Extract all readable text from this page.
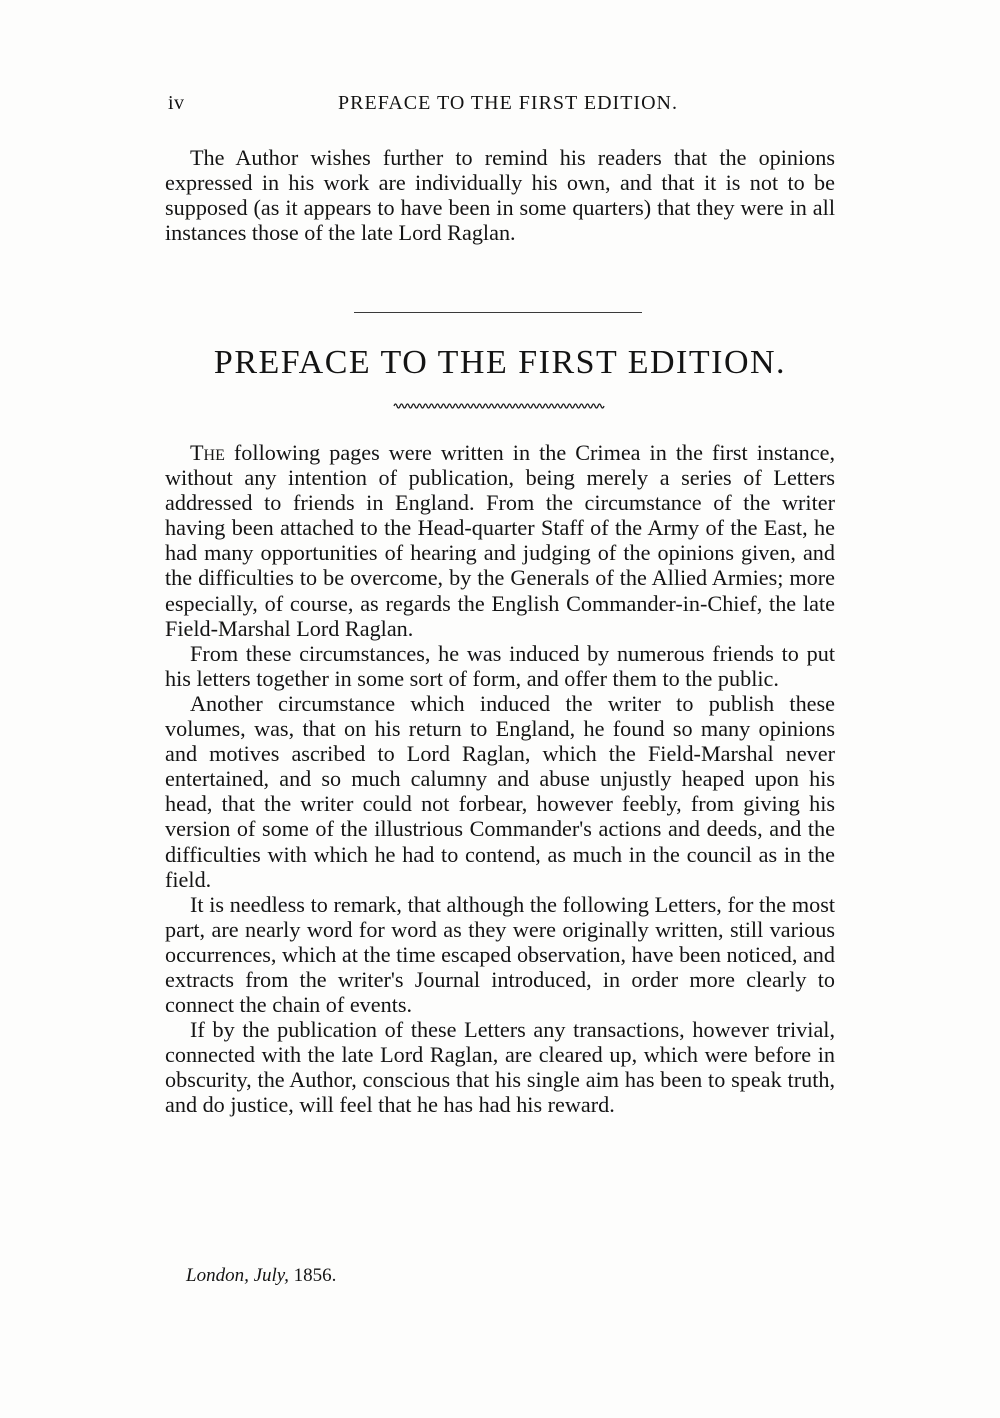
iv	PREFACE TO THE FIRST EDITION.

The Author wishes further to remind his readers that the opinions expressed in his work are individually his own, and that it is not to be supposed (as it appears to have been in some quarters) that they were in all instances those of the late Lord Raglan.

PREFACE TO THE FIRST EDITION.

The following pages were written in the Crimea in the first instance, without any intention of publication, being merely a series of Letters addressed to friends in England. From the circumstance of the writer having been attached to the Head-quarter Staff of the Army of the East, he had many opportunities of hearing and judging of the opinions given, and the difficulties to be overcome, by the Generals of the Allied Armies; more especially, of course, as regards the English Commander-in-Chief, the late Field-Marshal Lord Raglan.

From these circumstances, he was induced by numerous friends to put his letters together in some sort of form, and offer them to the public.

Another circumstance which induced the writer to publish these volumes, was, that on his return to England, he found so many opinions and motives ascribed to Lord Raglan, which the Field-Marshal never entertained, and so much calumny and abuse unjustly heaped upon his head, that the writer could not forbear, however feebly, from giving his version of some of the illustrious Commander's actions and deeds, and the difficulties with which he had to contend, as much in the council as in the field.

It is needless to remark, that although the following Letters, for the most part, are nearly word for word as they were originally written, still various occurrences, which at the time escaped observation, have been noticed, and extracts from the writer's Journal introduced, in order more clearly to connect the chain of events.

If by the publication of these Letters any transactions, however trivial, connected with the late Lord Raglan, are cleared up, which were before in obscurity, the Author, conscious that his single aim has been to speak truth, and do justice, will feel that he has had his reward.

London, July, 1856.
